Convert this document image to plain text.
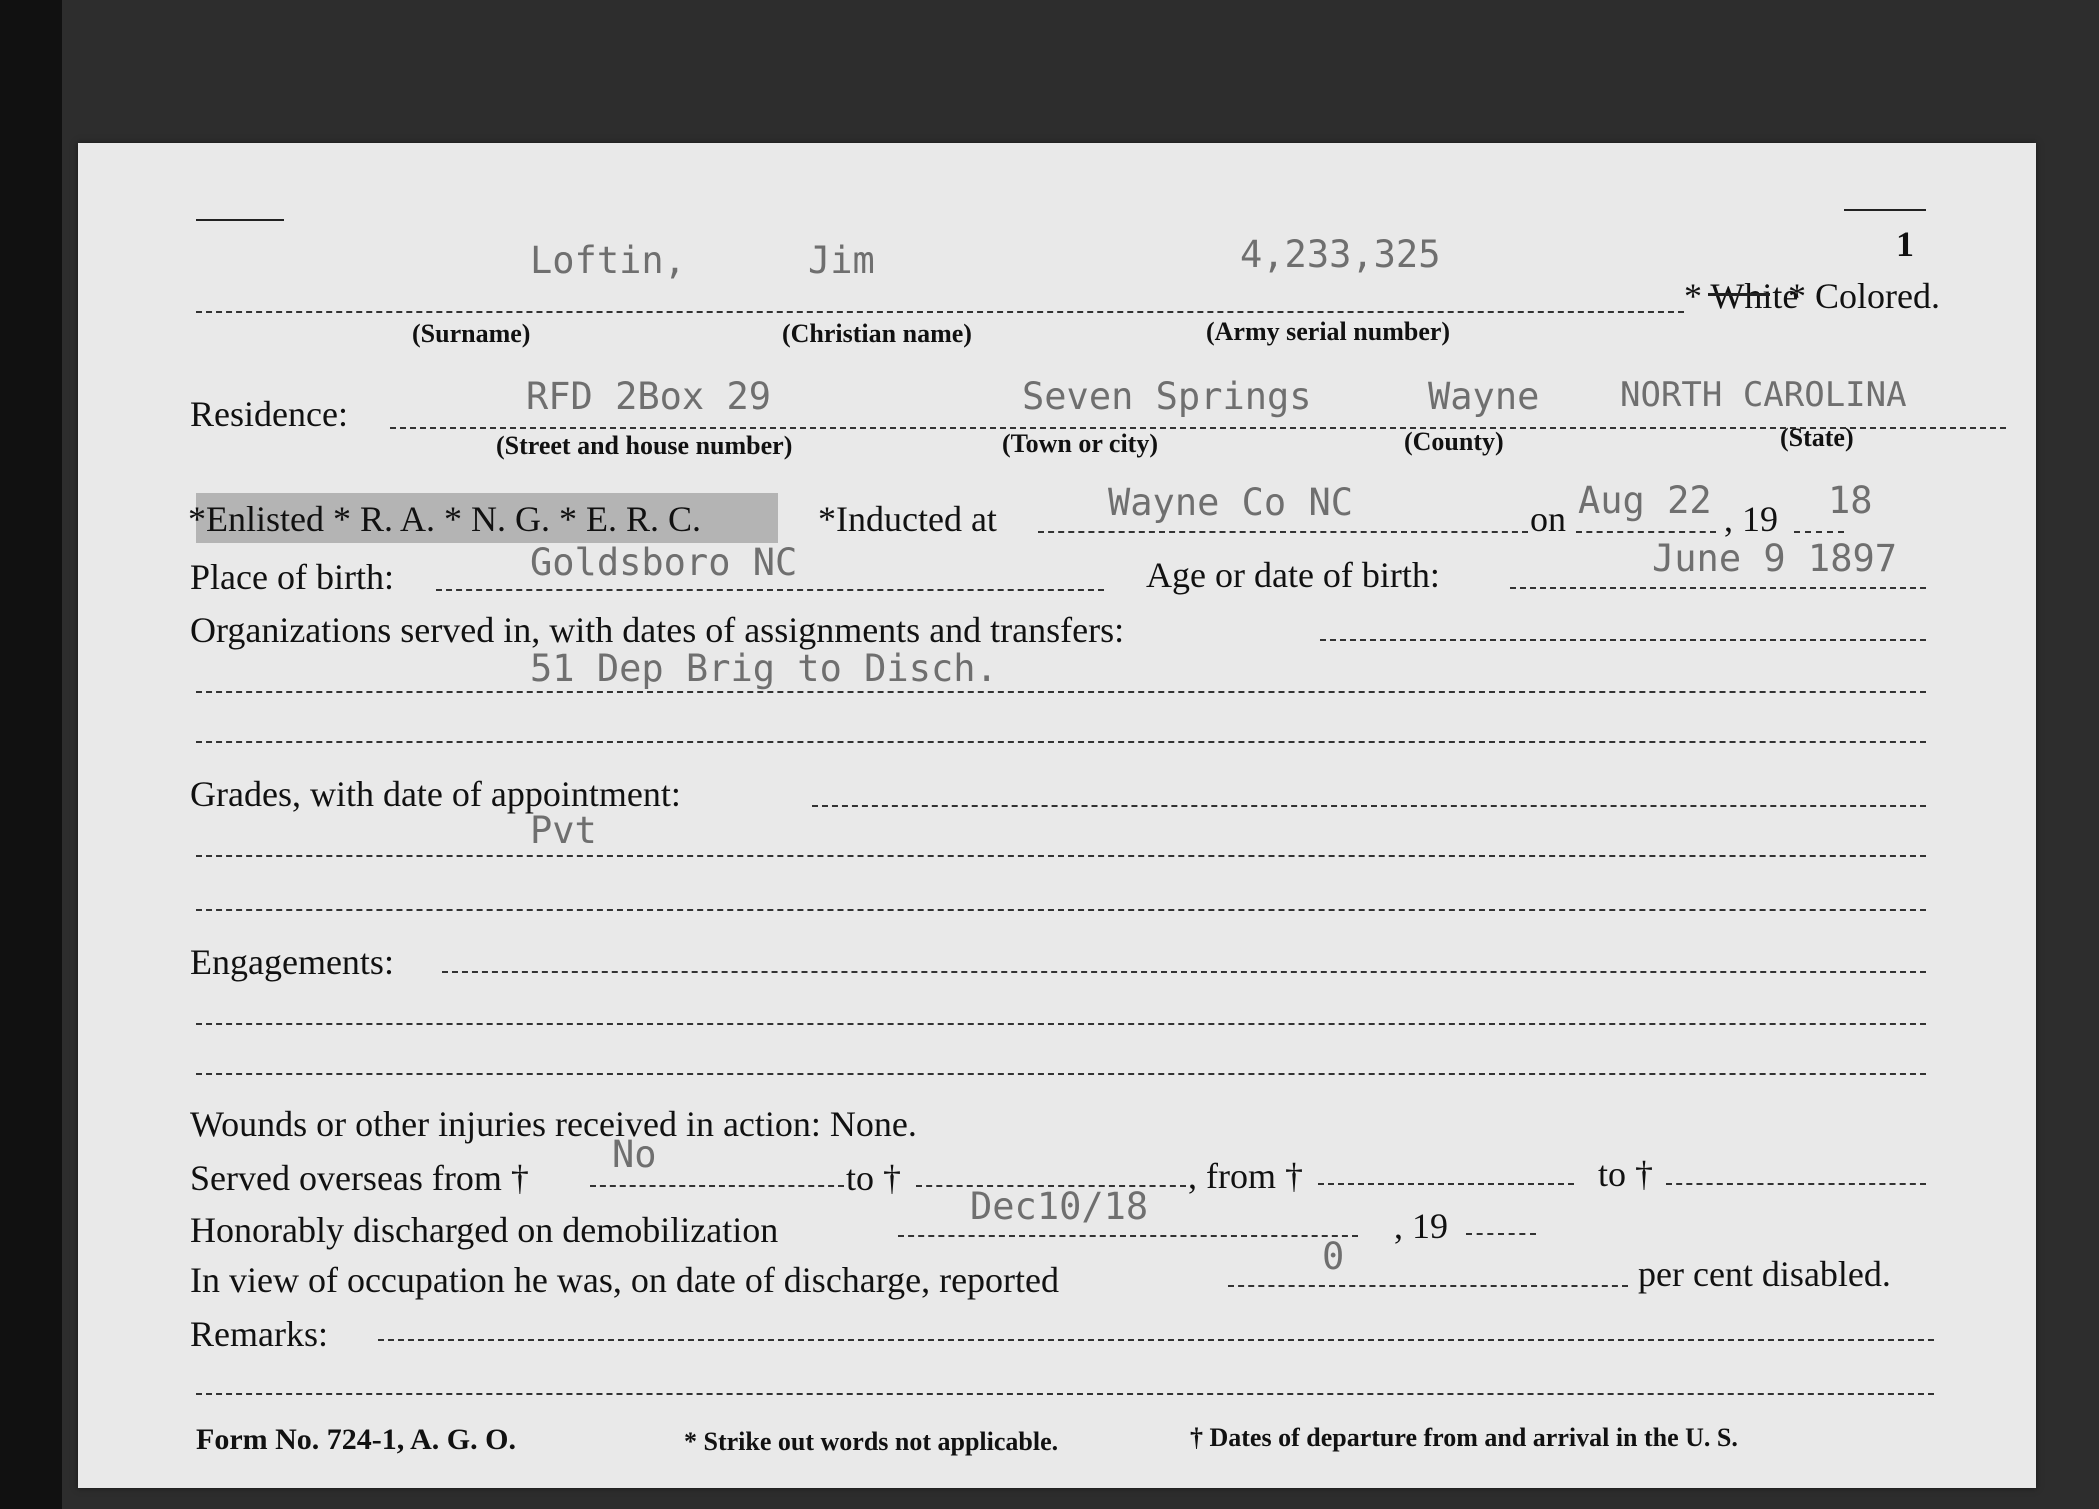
1
Loftin,	Jim	4,233,325
* White
* Colored.
(Surname)	(Christian name)	(Army serial number)
Residence:	RFD 2Box 29	Seven Springs	Wayne NORTH CAROLINA
(Street and house number)	(Town or city)	(County)	(State)
*Enlisted * R. A. * N. G. * E. R. C.	*Inducted at	Wayne Co NC	on Aug 22 , 19 18
Place of birth:	Goldsboro NC	Age or date of birth:	June 9 1897
Organizations served in, with dates of assignments and transfers:
51 Dep Brig to Disch.
Grades, with date of appointment:
Pvt
Engagements:
Wounds or other injuries received in action: None.
Served overseas from †
No
to †	, from †	to †
Honorably discharged on demobilization
Dec10/18	, 19
In view of occupation he was, on date of discharge, reported
0	per cent disabled.
Remarks:
Form No. 724-1, A. G. O.	* Strike out words not applicable.	† Dates of departure from and arrival in the U. S.
